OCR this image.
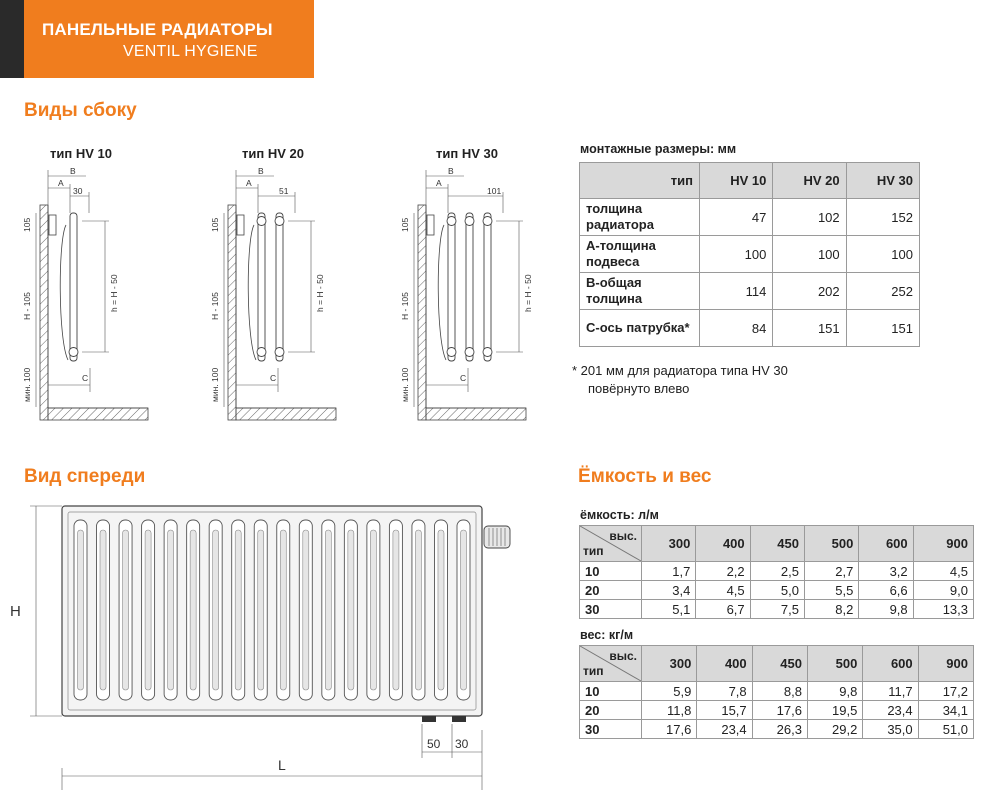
ПАНЕЛЬНЫЕ РАДИАТОРЫ
VENTIL HYGIENE
Виды сбоку
тип HV 10	тип HV 20	тип HV 30
B
A
30
105
H - 105
мин. 100
h = H - 50
C
B
A
51
105
H - 105
мин. 100
h = H - 50
C
B
A
101
105
H - 105
мин. 100
h = H - 50
C
монтажные размеры: мм
тип	HV 10	HV 20	HV 30
толщина радиатора	47	102	152
А-толщина подвеса	100	100	100
В-общая толщина	114	202	252
С-ось патрубка*	84	151	151
* 201 мм для радиатора типа HV 30
повёрнуто влево
Вид спереди
H
L
50 30
Ёмкость и вес
ёмкость: л/м
выс.
тип	300	400	450	500	600	900
10	1,7	2,2	2,5	2,7	3,2	4,5
20	3,4	4,5	5,0	5,5	6,6	9,0
30	5,1	6,7	7,5	8,2	9,8	13,3
вес: кг/м
выс.
тип	300	400	450	500	600	900
10	5,9	7,8	8,8	9,8	11,7	17,2
20	11,8	15,7	17,6	19,5	23,4	34,1
30	17,6	23,4	26,3	29,2	35,0	51,0
